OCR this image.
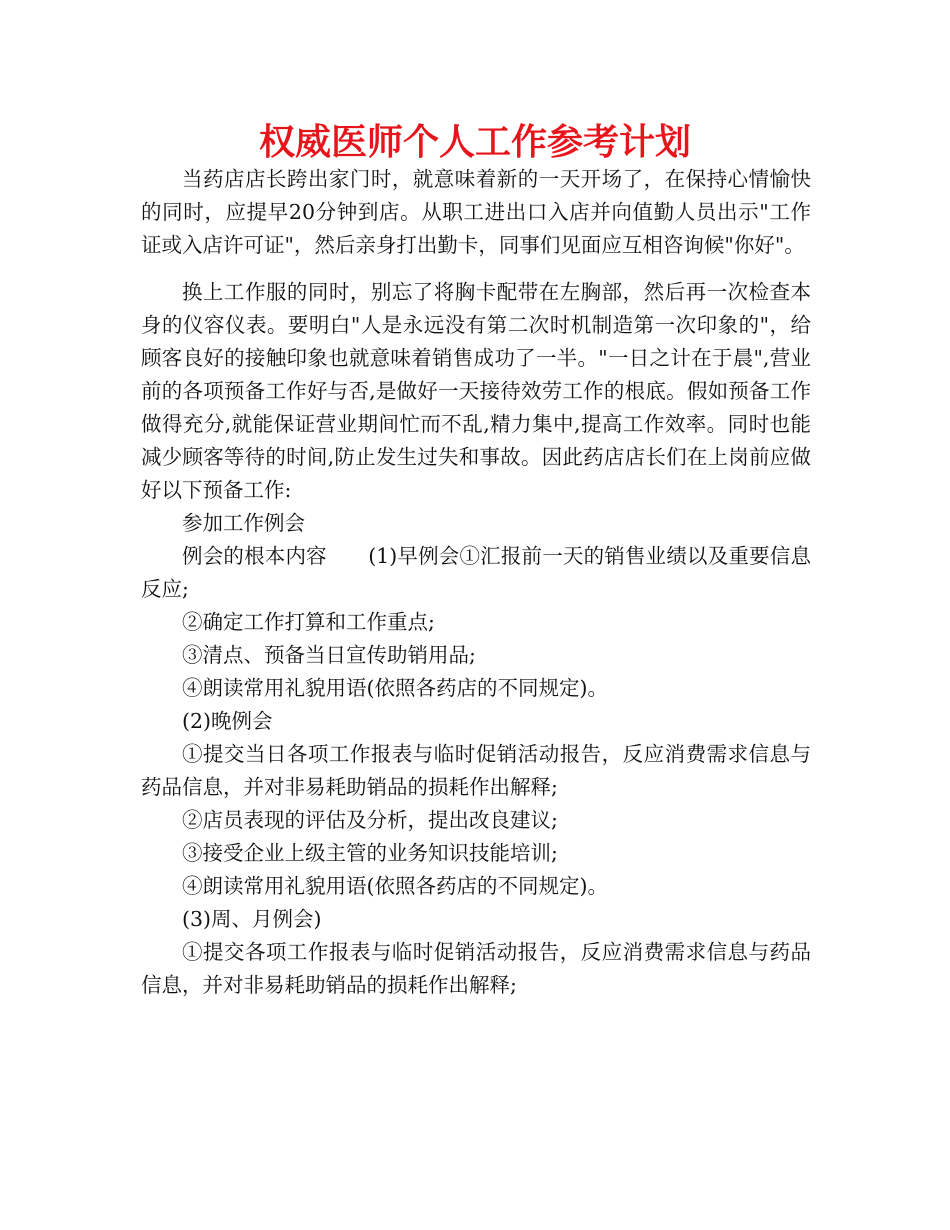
权威医师个人工作参考计划

当药店店长跨出家门时，就意味着新的一天开场了，在保持心情愉快的同时，应提早20分钟到店。从职工进出口入店并向值勤人员出示"工作证或入店许可证"，然后亲身打出勤卡，同事们见面应互相咨询候"你好"。

换上工作服的同时，别忘了将胸卡配带在左胸部，然后再一次检查本身的仪容仪表。要明白"人是永远没有第二次时机制造第一次印象的"，给顾客良好的接触印象也就意味着销售成功了一半。"一日之计在于晨",营业前的各项预备工作好与否,是做好一天接待效劳工作的根底。假如预备工作做得充分,就能保证营业期间忙而不乱,精力集中,提高工作效率。同时也能减少顾客等待的时间,防止发生过失和事故。因此药店店长们在上岗前应做好以下预备工作:

参加工作例会

例会的根本内容　　(1)早例会①汇报前一天的销售业绩以及重要信息反应;

②确定工作打算和工作重点;

③清点、预备当日宣传助销用品;

④朗读常用礼貌用语(依照各药店的不同规定)。

(2)晚例会

①提交当日各项工作报表与临时促销活动报告，反应消费需求信息与药品信息，并对非易耗助销品的损耗作出解释;

②店员表现的评估及分析，提出改良建议;

③接受企业上级主管的业务知识技能培训;

④朗读常用礼貌用语(依照各药店的不同规定)。

(3)周、月例会)

①提交各项工作报表与临时促销活动报告，反应消费需求信息与药品信息，并对非易耗助销品的损耗作出解释;
